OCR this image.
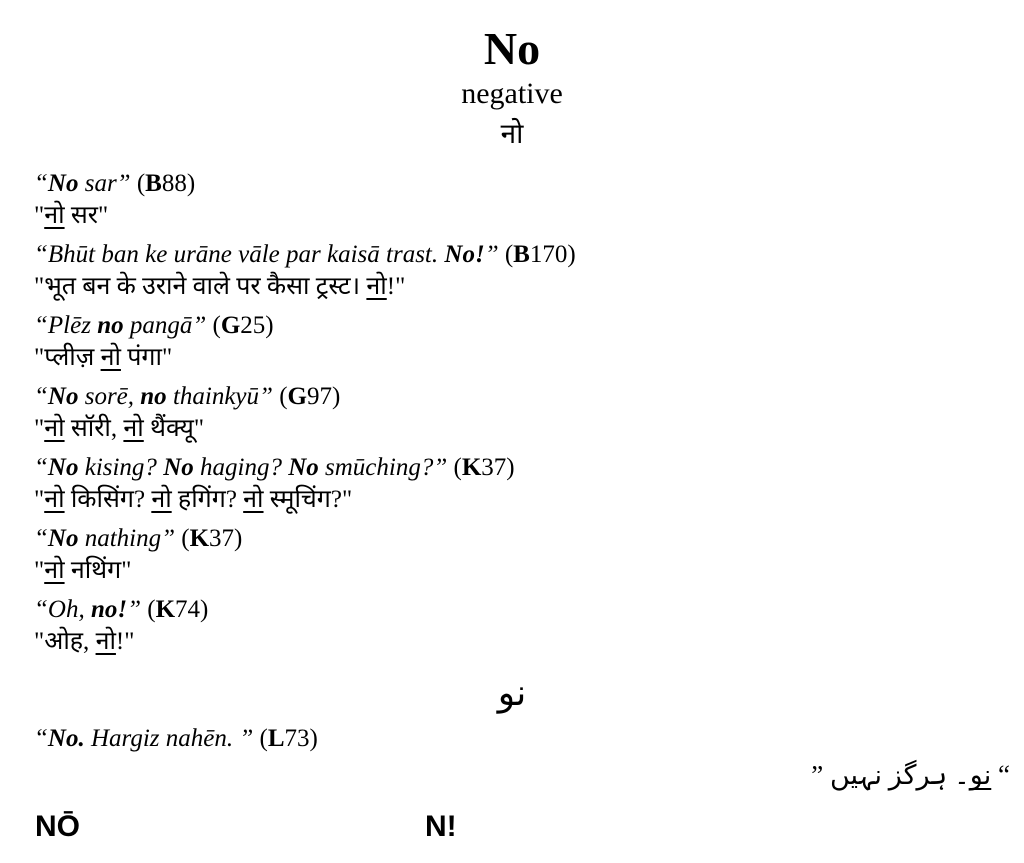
No
negative
नो
“No sar” (B88)
"नो सर"
“Bhūt ban ke urāne vāle par kaisā trast. No!” (B170)
"भूत बन के उराने वाले पर कैसा ट्रस्ट। नो!"
“Plēz no pangā” (G25)
"प्लीज़ नो पंगा"
“No sorē, no thainkyū” (G97)
"नो सॉरी, नो थैंक्यू"
“No kising? No haging? No smūching?” (K37)
"नो किसिंग? नो हगिंग? नो स्मूचिंग?"
“No nathing” (K37)
"नो नथिंग"
“Oh, no!” (K74)
"ओह, नो!"
نو
“No. Hargiz nahēn. ” (L73)
“ نو۔ ہرگز نہیں ”
NŌ	N!
